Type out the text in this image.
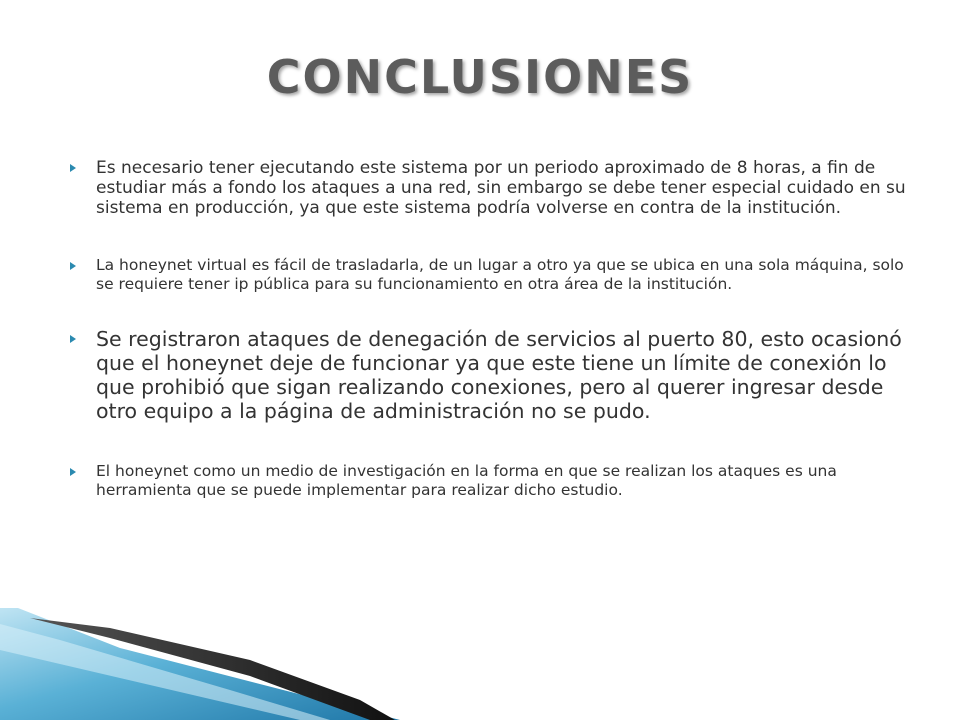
CONCLUSIONES
Es necesario tener ejecutando este sistema por un periodo aproximado de 8 horas, a fin de estudiar más a fondo los ataques a una red, sin embargo se debe tener especial cuidado en su sistema en producción, ya que este sistema podría volverse en contra de la institución.
La honeynet virtual es fácil de trasladarla, de un lugar a otro ya que se ubica en una sola máquina, solo se requiere tener ip pública para su funcionamiento en otra área de la institución.
Se registraron ataques de denegación de servicios al puerto 80, esto ocasionó que el honeynet deje de funcionar ya que este tiene un límite de conexión lo que prohibió que sigan realizando conexiones, pero al querer ingresar desde otro equipo a la página de administración no se pudo.
El honeynet como un medio de investigación en la forma en que se realizan los ataques es una herramienta que se puede implementar para realizar dicho estudio.
